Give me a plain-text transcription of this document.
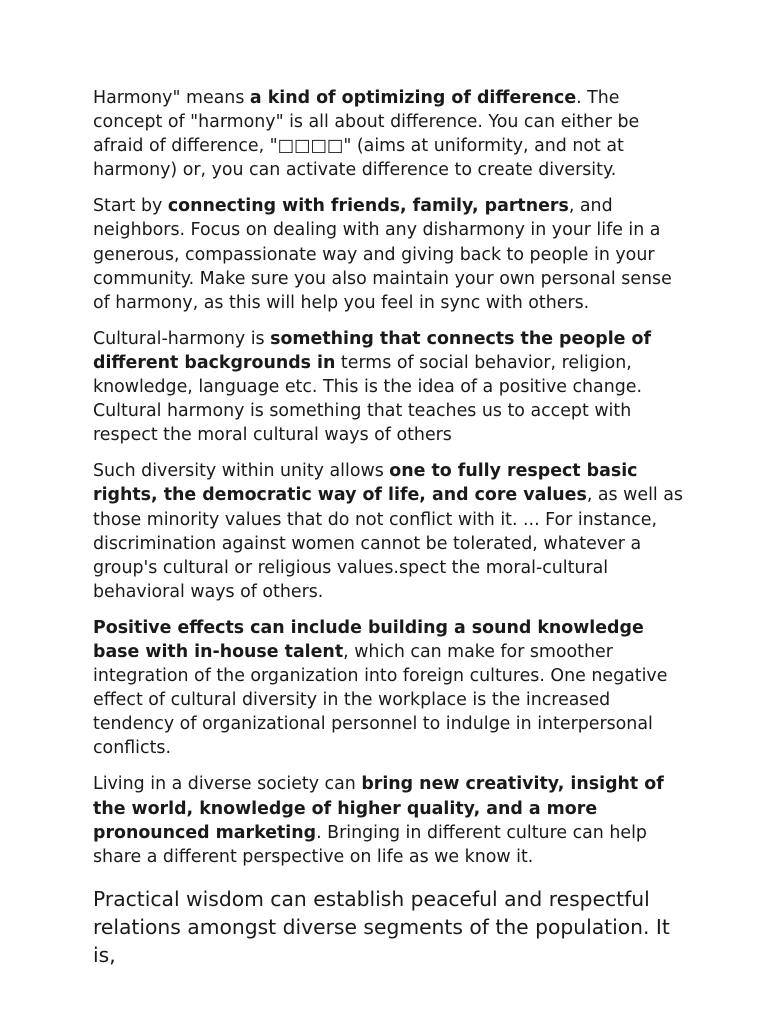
Harmony" means a kind of optimizing of difference. The concept of "harmony" is all about difference. You can either be afraid of difference, "□□□□" (aims at uniformity, and not at harmony) or, you can activate difference to create diversity.

Start by connecting with friends, family, partners, and neighbors. Focus on dealing with any disharmony in your life in a generous, compassionate way and giving back to people in your community. Make sure you also maintain your own personal sense of harmony, as this will help you feel in sync with others.

Cultural-harmony is something that connects the people of different backgrounds in terms of social behavior, religion, knowledge, language etc. This is the idea of a positive change. Cultural harmony is something that teaches us to accept with respect the moral cultural ways of others

Such diversity within unity allows one to fully respect basic rights, the democratic way of life, and core values, as well as those minority values that do not conflict with it. ... For instance, discrimination against women cannot be tolerated, whatever a group's cultural or religious values.spect the moral-cultural behavioral ways of others.

Positive effects can include building a sound knowledge base with in-house talent, which can make for smoother integration of the organization into foreign cultures. One negative effect of cultural diversity in the workplace is the increased tendency of organizational personnel to indulge in interpersonal conflicts.

Living in a diverse society can bring new creativity, insight of the world, knowledge of higher quality, and a more pronounced marketing. Bringing in different culture can help share a different perspective on life as we know it.

Practical wisdom can establish peaceful and respectful relations amongst diverse segments of the population. It is,
